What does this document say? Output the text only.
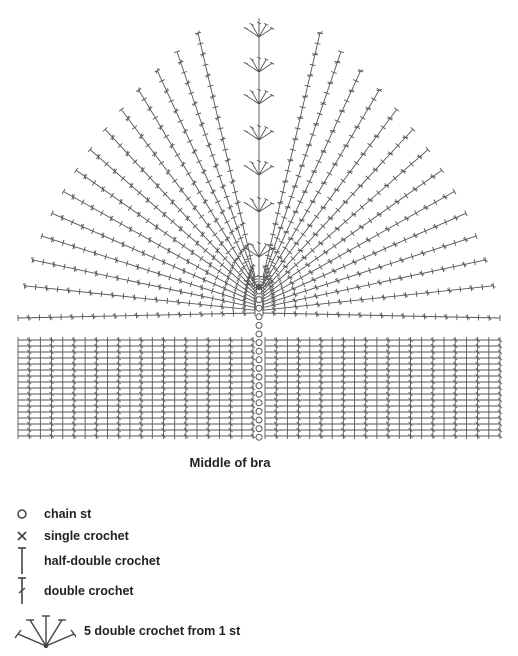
Middle of bra
chain st
single crochet
half-double crochet
double crochet
5 double crochet from 1 st
